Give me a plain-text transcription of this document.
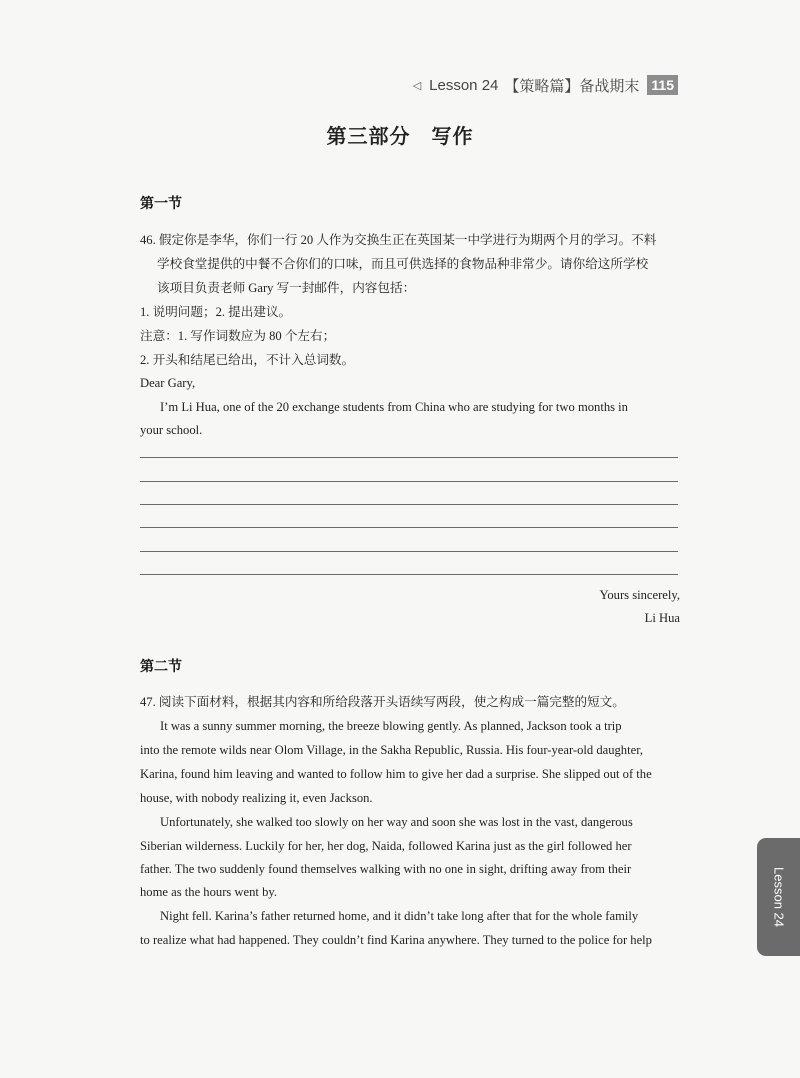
◁ Lesson 24 【策略篇】备战期末 115
第三部分　写作
第一节
46. 假定你是李华，你们一行 20 人作为交换生正在英国某一中学进行为期两个月的学习。不料
学校食堂提供的中餐不合你们的口味，而且可供选择的食物品种非常少。请你给这所学校
该项目负责老师 Gary 写一封邮件，内容包括：
1. 说明问题；2. 提出建议。
注意：1. 写作词数应为 80 个左右；
2. 开头和结尾已给出，不计入总词数。
Dear Gary,
I’m Li Hua, one of the 20 exchange students from China who are studying for two months in
your school.
Yours sincerely,
Li Hua
第二节
47. 阅读下面材料，根据其内容和所给段落开头语续写两段，使之构成一篇完整的短文。
It was a sunny summer morning, the breeze blowing gently. As planned, Jackson took a trip
into the remote wilds near Olom Village, in the Sakha Republic, Russia. His four-year-old daughter,
Karina, found him leaving and wanted to follow him to give her dad a surprise. She slipped out of the
house, with nobody realizing it, even Jackson.
Unfortunately, she walked too slowly on her way and soon she was lost in the vast, dangerous
Siberian wilderness. Luckily for her, her dog, Naida, followed Karina just as the girl followed her
father. The two suddenly found themselves walking with no one in sight, drifting away from their
home as the hours went by.
Night fell. Karina’s father returned home, and it didn’t take long after that for the whole family
to realize what had happened. They couldn’t find Karina anywhere. They turned to the police for help
Lesson 24
